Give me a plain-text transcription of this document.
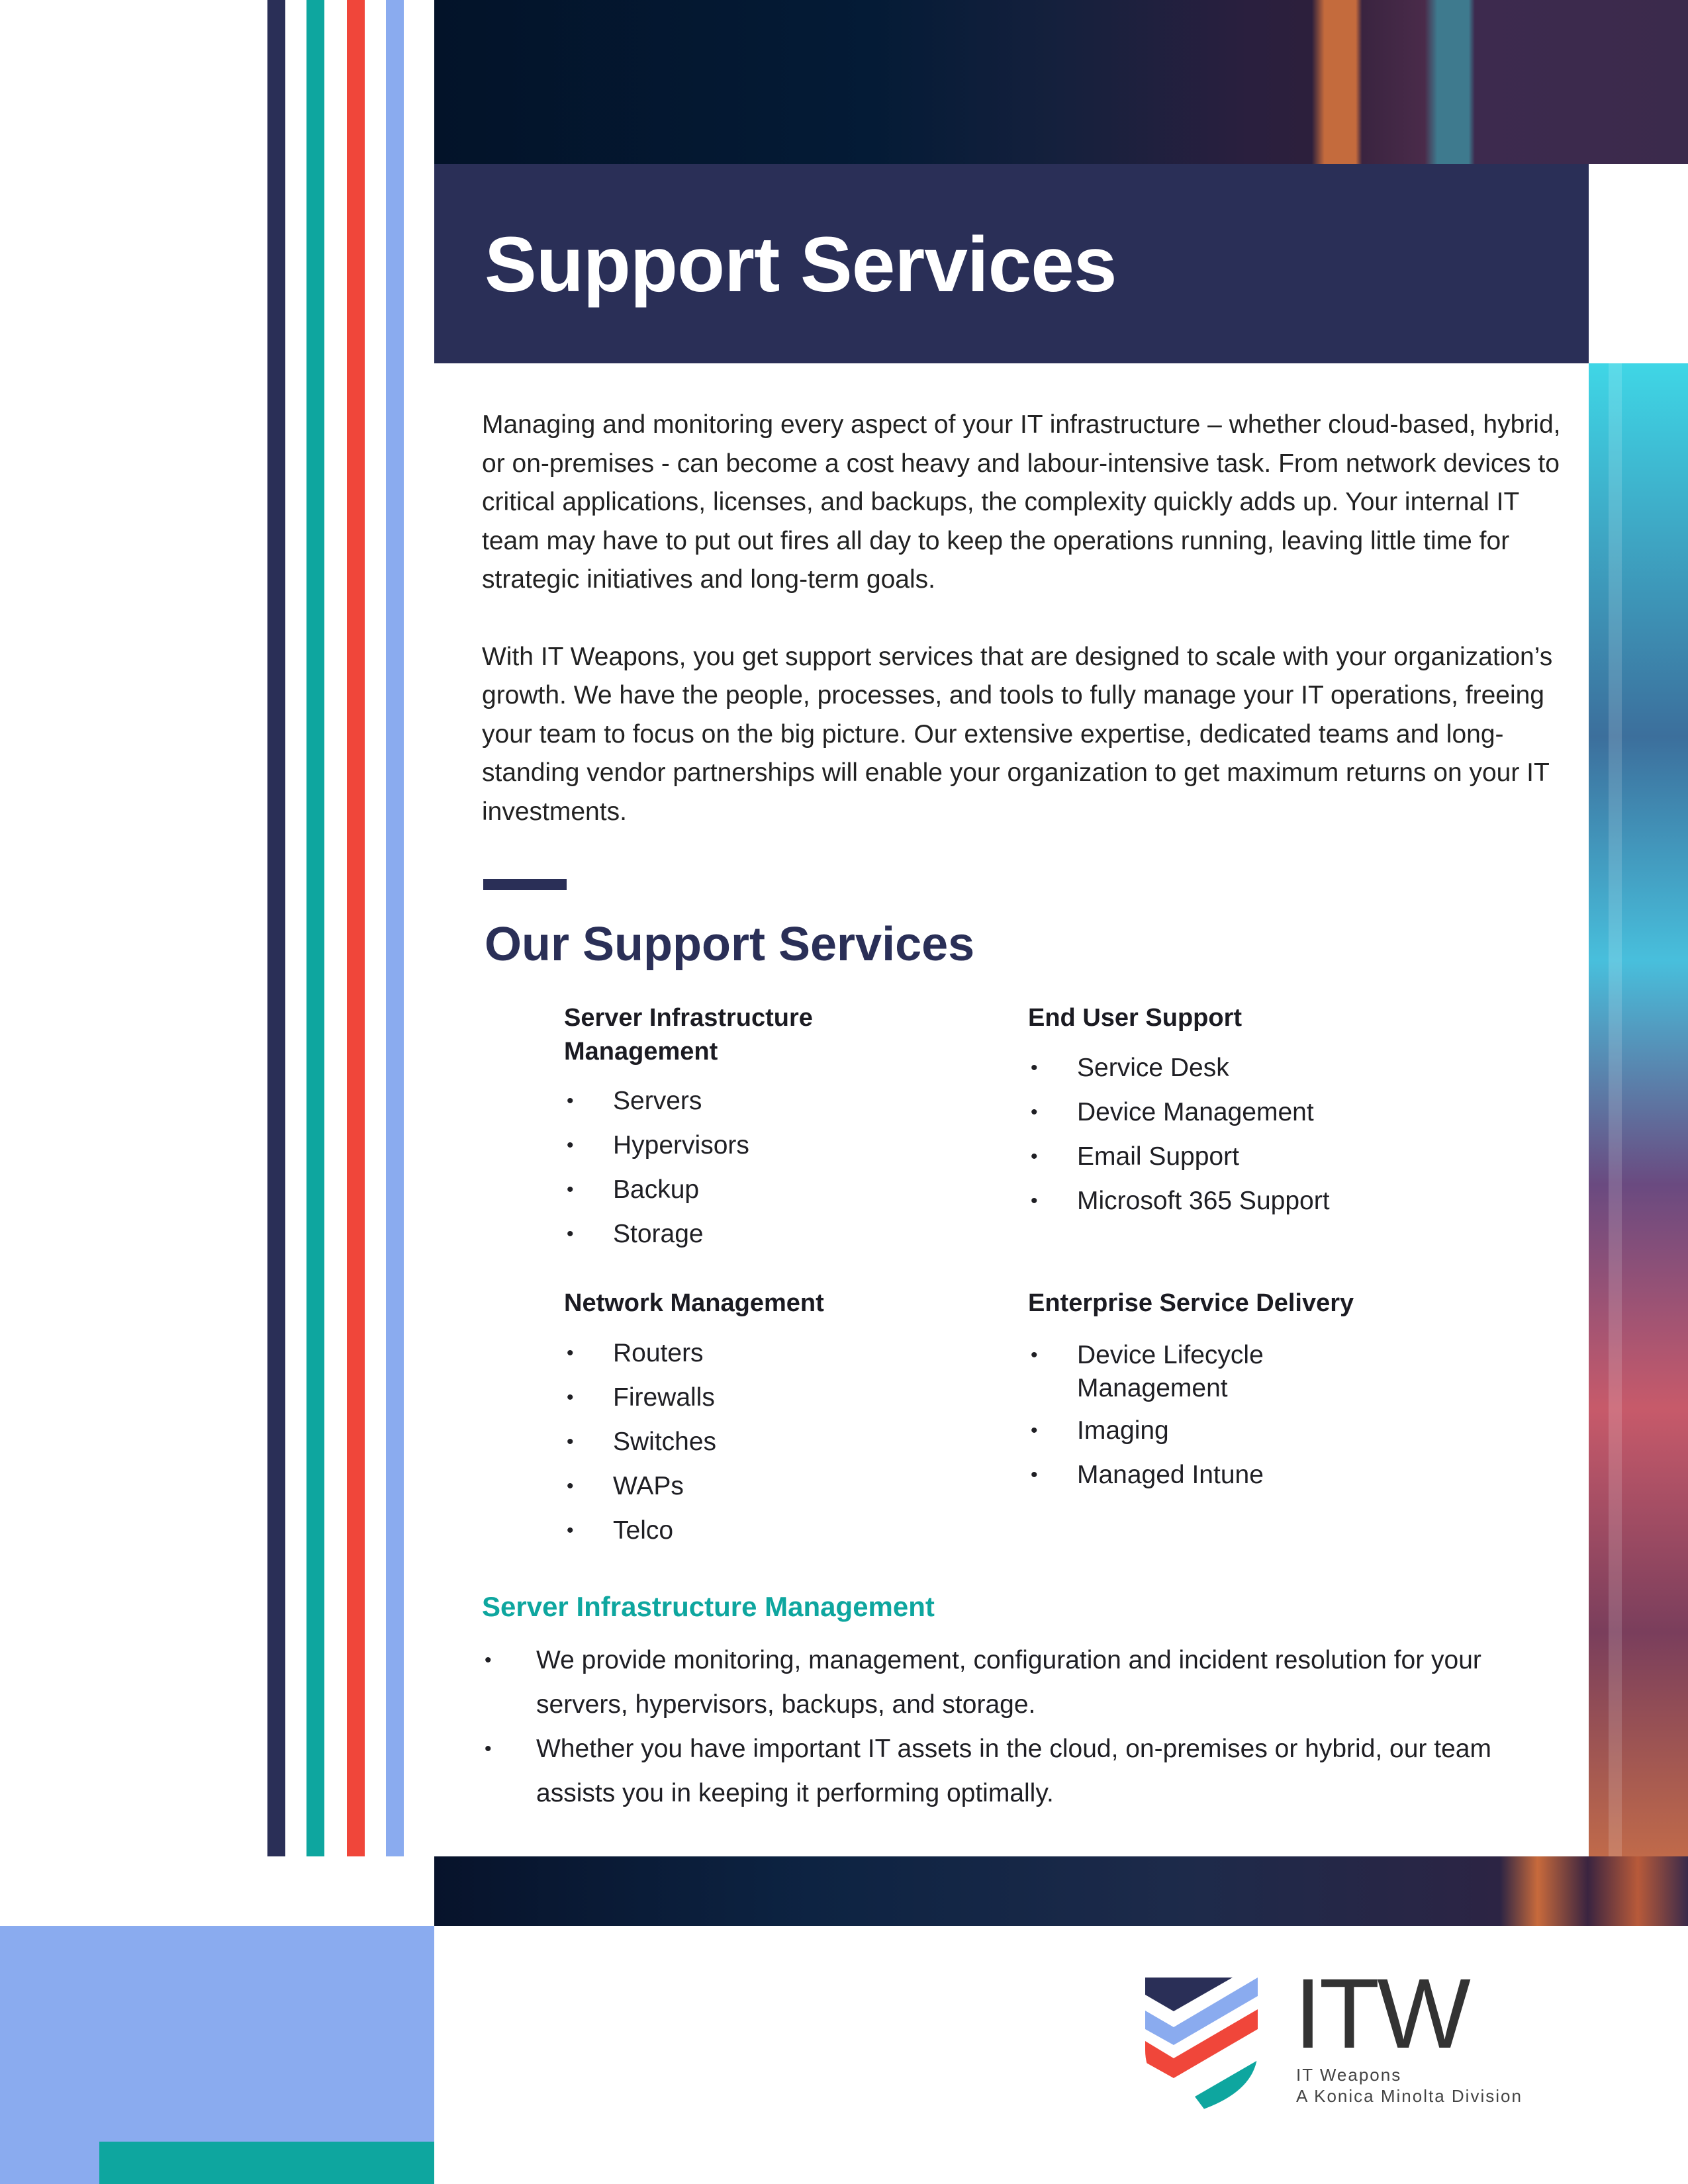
Support Services

Managing and monitoring every aspect of your IT infrastructure – whether cloud-based, hybrid, or on-premises - can become a cost heavy and labour-intensive task. From network devices to critical applications, licenses, and backups, the complexity quickly adds up. Your internal IT team may have to put out fires all day to keep the operations running, leaving little time for strategic initiatives and long-term goals.

With IT Weapons, you get support services that are designed to scale with your organization’s growth. We have the people, processes, and tools to fully manage your IT operations, freeing your team to focus on the big picture. Our extensive expertise, dedicated teams and long-standing vendor partnerships will enable your organization to get maximum returns on your IT investments.

Our Support Services
Server Infrastructure Management
• Servers
• Hypervisors
• Backup
• Storage
End User Support
• Service Desk
• Device Management
• Email Support
• Microsoft 365 Support
Network Management
• Routers
• Firewalls
• Switches
• WAPs
• Telco
Enterprise Service Delivery
• Device Lifecycle Management
• Imaging
• Managed Intune
Server Infrastructure Management
• We provide monitoring, management, configuration and incident resolution for your servers, hypervisors, backups, and storage.
• Whether you have important IT assets in the cloud, on-premises or hybrid, our team assists you in keeping it performing optimally.
ITW
IT Weapons
A Konica Minolta Division
